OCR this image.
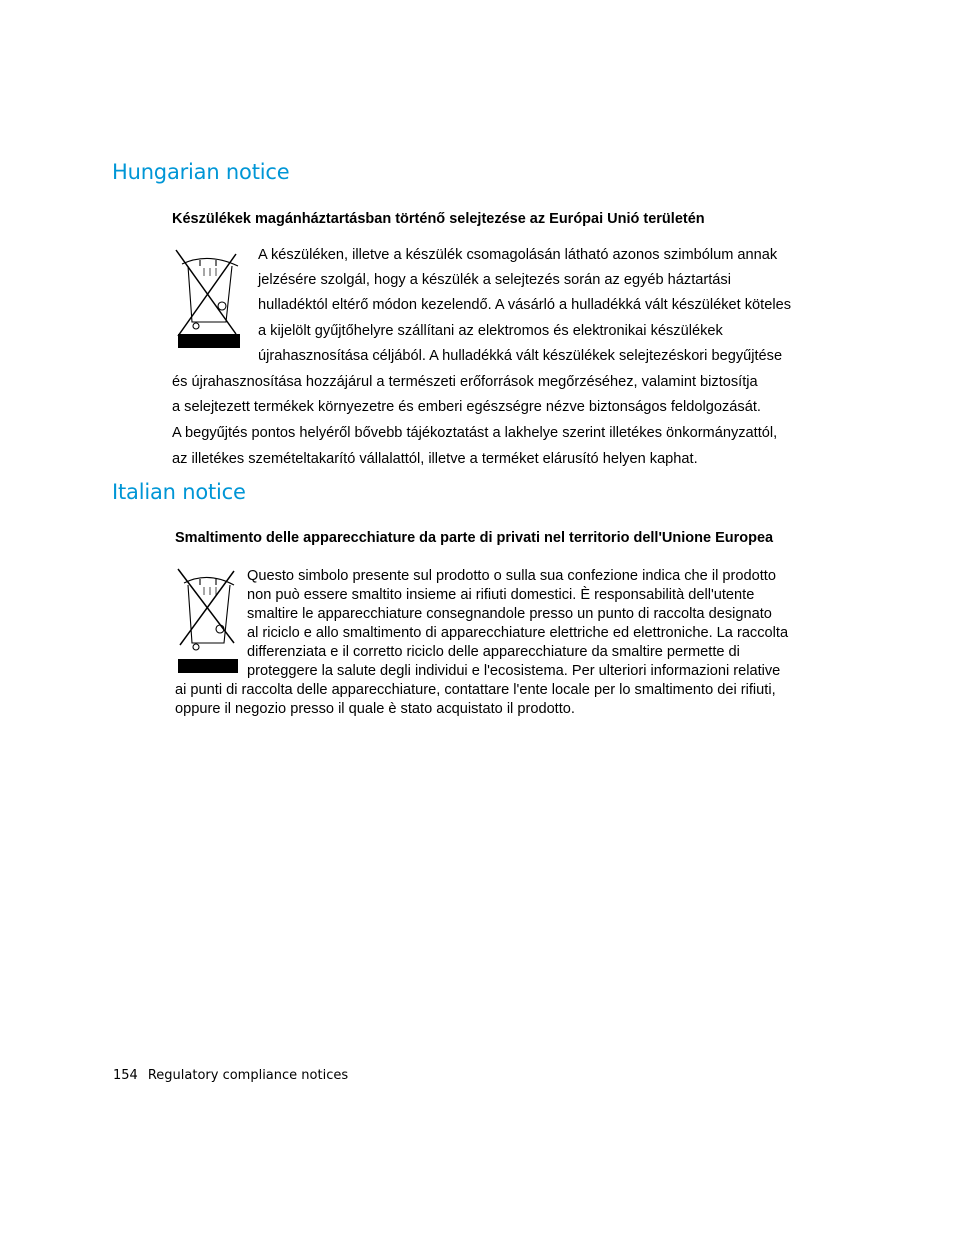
Hungarian notice

Készülékek magánháztartásban történő selejtezése az Európai Unió területén

A készüléken, illetve a készülék csomagolásán látható azonos szimbólum annak
jelzésére szolgál, hogy a készülék a selejtezés során az egyéb háztartási
hulladéktól eltérő módon kezelendő. A vásárló a hulladékká vált készüléket köteles
a kijelölt gyűjtőhelyre szállítani az elektromos és elektronikai készülékek
újrahasznosítása céljából. A hulladékká vált készülékek selejtezéskori begyűjtése
és újrahasznosítása hozzájárul a természeti erőforrások megőrzéséhez, valamint biztosítja
a selejtezett termékek környezetre és emberi egészségre nézve biztonságos feldolgozását.
A begyűjtés pontos helyéről bővebb tájékoztatást a lakhelye szerint illetékes önkormányzattól,
az illetékes szemételtakarító vállalattól, illetve a terméket elárusító helyen kaphat.
Italian notice

Smaltimento delle apparecchiature da parte di privati nel territorio dell'Unione Europea

Questo simbolo presente sul prodotto o sulla sua confezione indica che il prodotto
non può essere smaltito insieme ai rifiuti domestici. È responsabilità dell'utente
smaltire le apparecchiature consegnandole presso un punto di raccolta designato
al riciclo e allo smaltimento di apparecchiature elettriche ed elettroniche. La raccolta
differenziata e il corretto riciclo delle apparecchiature da smaltire permette di
proteggere la salute degli individui e l'ecosistema. Per ulteriori informazioni relative
ai punti di raccolta delle apparecchiature, contattare l'ente locale per lo smaltimento dei rifiuti,
oppure il negozio presso il quale è stato acquistato il prodotto.
154 Regulatory compliance notices
